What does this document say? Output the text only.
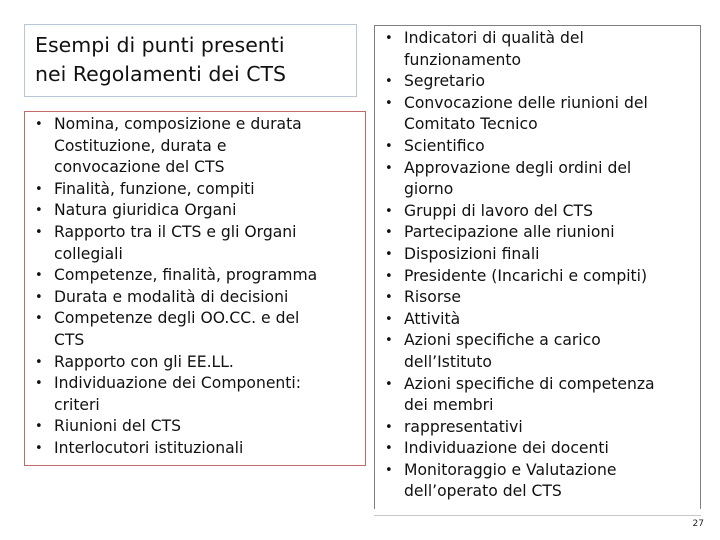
Esempi di punti presenti
nei Regolamenti dei CTS
• Nomina, composizione e durata
Costituzione, durata e
convocazione del CTS
• Finalità, funzione, compiti
• Natura giuridica Organi
• Rapporto tra il CTS e gli Organi
collegiali
• Competenze, finalità, programma
• Durata e modalità di decisioni
• Competenze degli OO.CC. e del
CTS
• Rapporto con gli EE.LL.
• Individuazione dei Componenti:
criteri
• Riunioni del CTS
• Interlocutori istituzionali
• Indicatori di qualità del
funzionamento
• Segretario
• Convocazione delle riunioni del
Comitato Tecnico
• Scientifico
• Approvazione degli ordini del
giorno
• Gruppi di lavoro del CTS
• Partecipazione alle riunioni
• Disposizioni finali
• Presidente (Incarichi e compiti)
• Risorse
• Attività
• Azioni specifiche a carico
dell’Istituto
• Azioni specifiche di competenza
dei membri
• rappresentativi
• Individuazione dei docenti
• Monitoraggio e Valutazione
dell’operato del CTS
27
